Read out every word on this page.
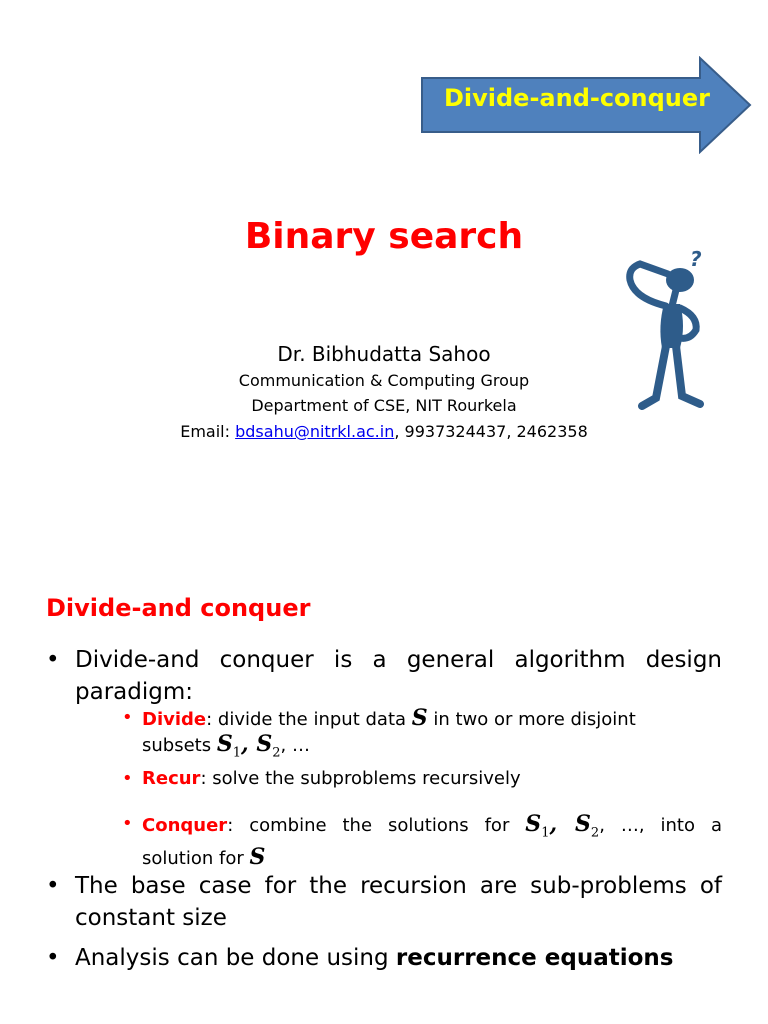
Divide-and-conquer
Binary search
Dr. Bibhudatta Sahoo
Communication & Computing Group
Department of CSE, NIT Rourkela
Email: bdsahu@nitrkl.ac.in, 9937324437, 2462358
?
Divide-and conquer
• Divide-and conquer is a general algorithm design
paradigm:
• Divide: divide the input data S in two or more disjoint
subsets $S_1$, $S_2$, …
• Recur: solve the subproblems recursively
• Conquer: combine the solutions for $S_1$, $S_2$, …, into a
solution for S
• The base case for the recursion are sub-problems of constant size
• Analysis can be done using recurrence equations
